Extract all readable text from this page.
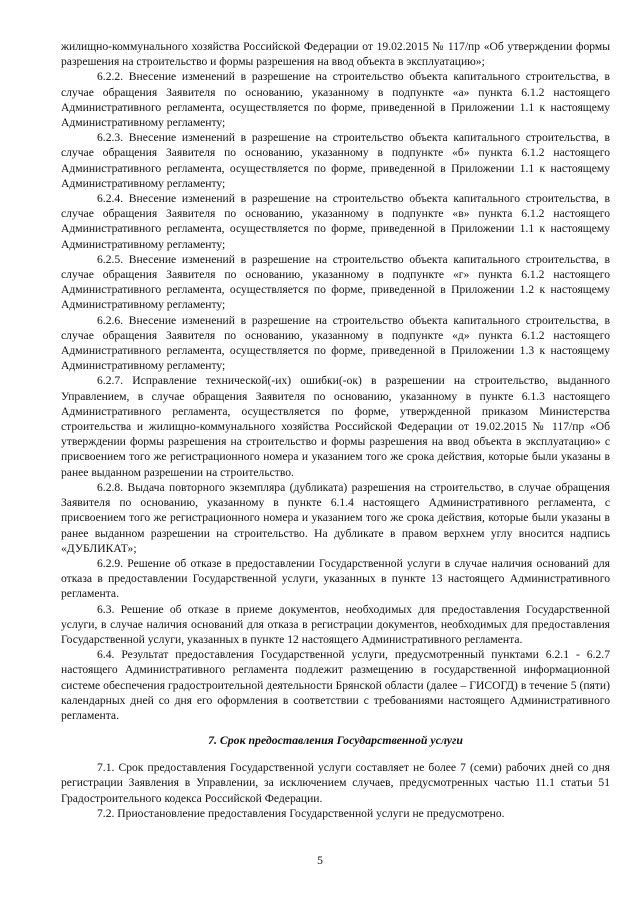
жилищно-коммунального хозяйства Российской Федерации от 19.02.2015 № 117/пр «Об утверждении формы разрешения на строительство и формы разрешения на ввод объекта в эксплуатацию»;

6.2.2. Внесение изменений в разрешение на строительство объекта капитального строительства, в случае обращения Заявителя по основанию, указанному в подпункте «а» пункта 6.1.2 настоящего Административного регламента, осуществляется по форме, приведенной в Приложении 1.1 к настоящему Административному регламенту;

6.2.3. Внесение изменений в разрешение на строительство объекта капитального строительства, в случае обращения Заявителя по основанию, указанному в подпункте «б» пункта 6.1.2 настоящего Административного регламента, осуществляется по форме, приведенной в Приложении 1.1 к настоящему Административному регламенту;

6.2.4. Внесение изменений в разрешение на строительство объекта капитального строительства, в случае обращения Заявителя по основанию, указанному в подпункте «в» пункта 6.1.2 настоящего Административного регламента, осуществляется по форме, приведенной в Приложении 1.1 к настоящему Административному регламенту;

6.2.5. Внесение изменений в разрешение на строительство объекта капитального строительства, в случае обращения Заявителя по основанию, указанному в подпункте «г» пункта 6.1.2 настоящего Административного регламента, осуществляется по форме, приведенной в Приложении 1.2 к настоящему Административному регламенту;

6.2.6. Внесение изменений в разрешение на строительство объекта капитального строительства, в случае обращения Заявителя по основанию, указанному в подпункте «д» пункта 6.1.2 настоящего Административного регламента, осуществляется по форме, приведенной в Приложении 1.3 к настоящему Административному регламенту;

6.2.7. Исправление технической(-их) ошибки(-ок) в разрешении на строительство, выданного Управлением, в случае обращения Заявителя по основанию, указанному в пункте 6.1.3 настоящего Административного регламента, осуществляется по форме, утвержденной приказом Министерства строительства и жилищно-коммунального хозяйства Российской Федерации от 19.02.2015 № 117/пр «Об утверждении формы разрешения на строительство и формы разрешения на ввод объекта в эксплуатацию» с присвоением того же регистрационного номера и указанием того же срока действия, которые были указаны в ранее выданном разрешении на строительство.

6.2.8. Выдача повторного экземпляра (дубликата) разрешения на строительство, в случае обращения Заявителя по основанию, указанному в пункте 6.1.4 настоящего Административного регламента, с присвоением того же регистрационного номера и указанием того же срока действия, которые были указаны в ранее выданном разрешении на строительство. На дубликате в правом верхнем углу вносится надпись «ДУБЛИКАТ»;

6.2.9. Решение об отказе в предоставлении Государственной услуги в случае наличия оснований для отказа в предоставлении Государственной услуги, указанных в пункте 13 настоящего Административного регламента.

6.3. Решение об отказе в приеме документов, необходимых для предоставления Государственной услуги, в случае наличия оснований для отказа в регистрации документов, необходимых для предоставления Государственной услуги, указанных в пункте 12 настоящего Административного регламента.

6.4. Результат предоставления Государственной услуги, предусмотренный пунктами 6.2.1 - 6.2.7 настоящего Административного регламента подлежит размещению в государственной информационной системе обеспечения градостроительной деятельности Брянской области (далее – ГИСОГД) в течение 5 (пяти) календарных дней со дня его оформления в соответствии с требованиями настоящего Административного регламента.

7. Срок предоставления Государственной услуги

7.1. Срок предоставления Государственной услуги составляет не более 7 (семи) рабочих дней со дня регистрации Заявления в Управлении, за исключением случаев, предусмотренных частью 11.1 статьи 51 Градостроительного кодекса Российской Федерации.

7.2. Приостановление предоставления Государственной услуги не предусмотрено.

5
